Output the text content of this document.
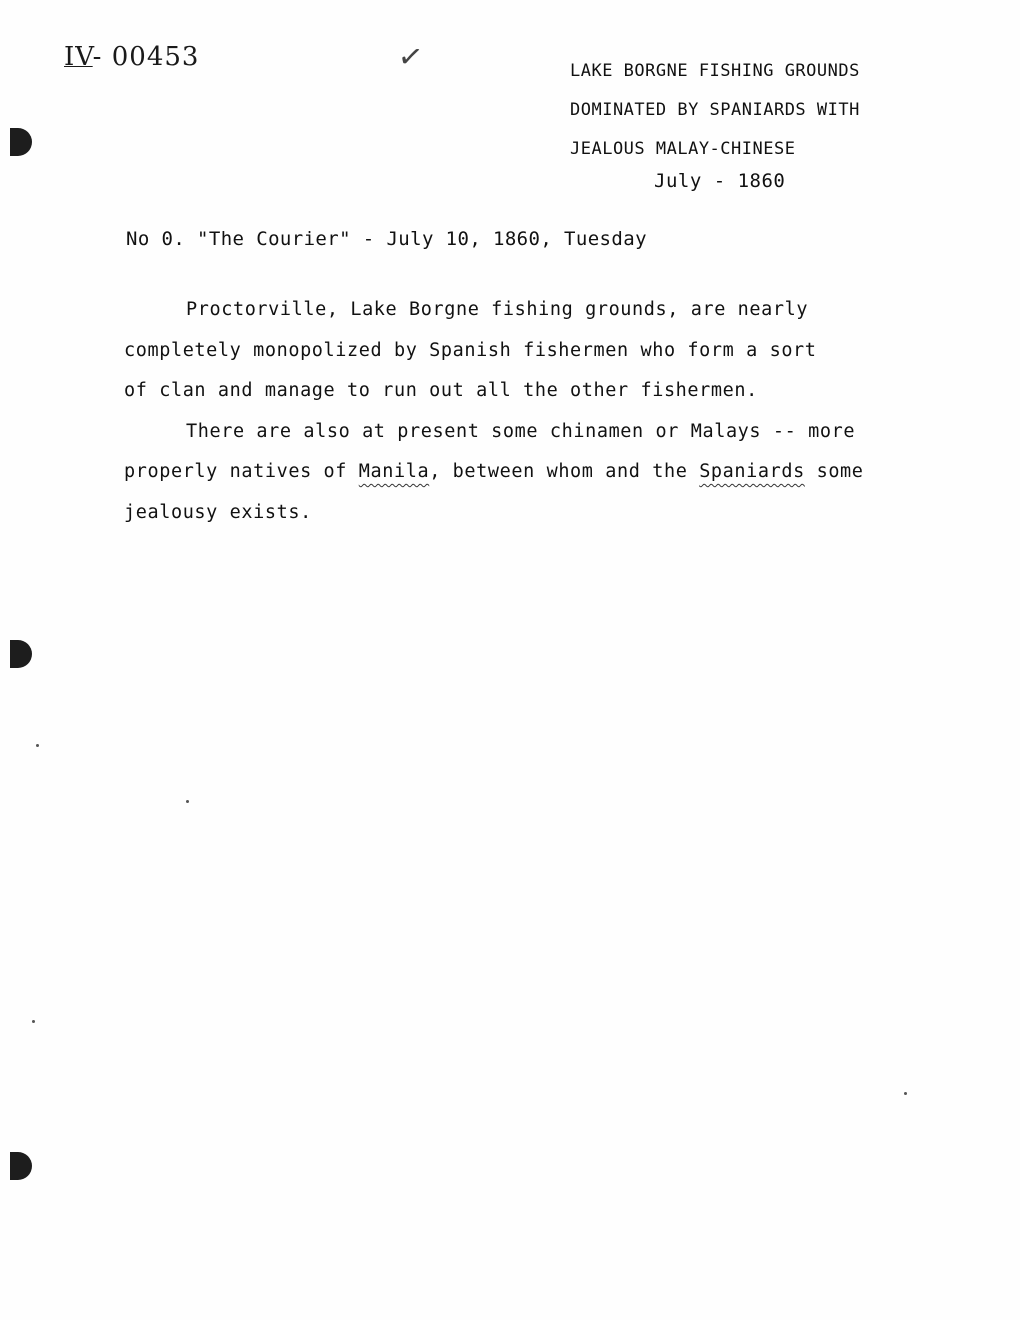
IV- 00453	✓	LAKE BORGNE FISHING GROUNDS
DOMINATED BY SPANIARDS WITH
JEALOUS MALAY-CHINESE
July - 1860
No 0. "The Courier" - July 10, 1860, Tuesday

Proctorville, Lake Borgne fishing grounds, are nearly
completely monopolized by Spanish fishermen who form a sort
of clan and manage to run out all the other fishermen.

There are also at present some chinamen or Malays -- more
properly natives of Manila, between whom and the Spaniards some
jealousy exists.
